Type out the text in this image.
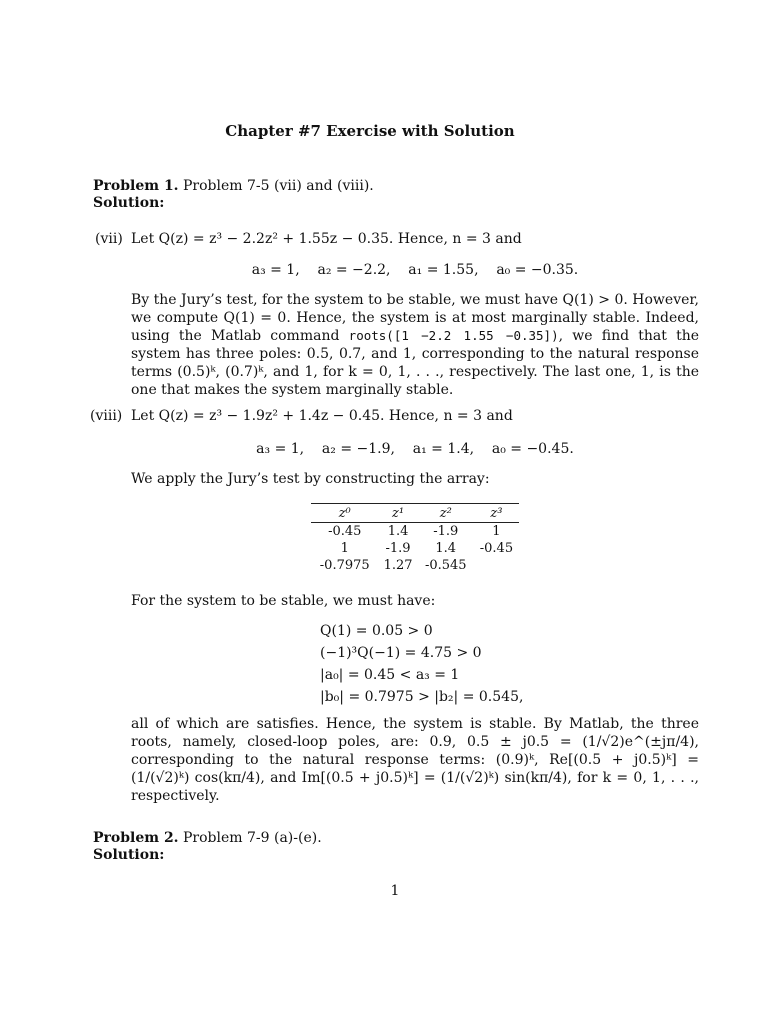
Chapter #7 Exercise with Solution
Problem 1. Problem 7-5 (vii) and (viii).
Solution:
(vii) Let Q(z) = z³ − 2.2z² + 1.55z − 0.35. Hence, n = 3 and
a₃ = 1,    a₂ = −2.2,    a₁ = 1.55,    a₀ = −0.35.
By the Jury’s test, for the system to be stable, we must have Q(1) > 0. However, we compute Q(1) = 0. Hence, the system is at most marginally stable. Indeed, using the Matlab command roots([1 −2.2 1.55 −0.35]), we find that the system has three poles: 0.5, 0.7, and 1, corresponding to the natural response terms (0.5)ᵏ, (0.7)ᵏ, and 1, for k = 0, 1, . . ., respectively. The last one, 1, is the one that makes the system marginally stable.
(viii) Let Q(z) = z³ − 1.9z² + 1.4z − 0.45. Hence, n = 3 and
a₃ = 1,    a₂ = −1.9,    a₁ = 1.4,    a₀ = −0.45.
We apply the Jury’s test by constructing the array:
z⁰	z¹	z²	z³
-0.45	1.4	-1.9	1
1	-1.9	1.4	-0.45
-0.7975	1.27	-0.545	
For the system to be stable, we must have:
Q(1) = 0.05 > 0
(−1)³Q(−1) = 4.75 > 0
|a₀| = 0.45 < a₃ = 1
|b₀| = 0.7975 > |b₂| = 0.545,
all of which are satisfies. Hence, the system is stable. By Matlab, the three roots, namely, closed-loop poles, are: 0.9, 0.5 ± j0.5 = (1/√2)e^(±jπ/4), corresponding to the natural response terms: (0.9)ᵏ, Re[(0.5 + j0.5)ᵏ] = (1/(√2)ᵏ) cos(kπ/4), and Im[(0.5 + j0.5)ᵏ] = (1/(√2)ᵏ) sin(kπ/4), for k = 0, 1, . . ., respectively.
Problem 2. Problem 7-9 (a)-(e).
Solution:
1
